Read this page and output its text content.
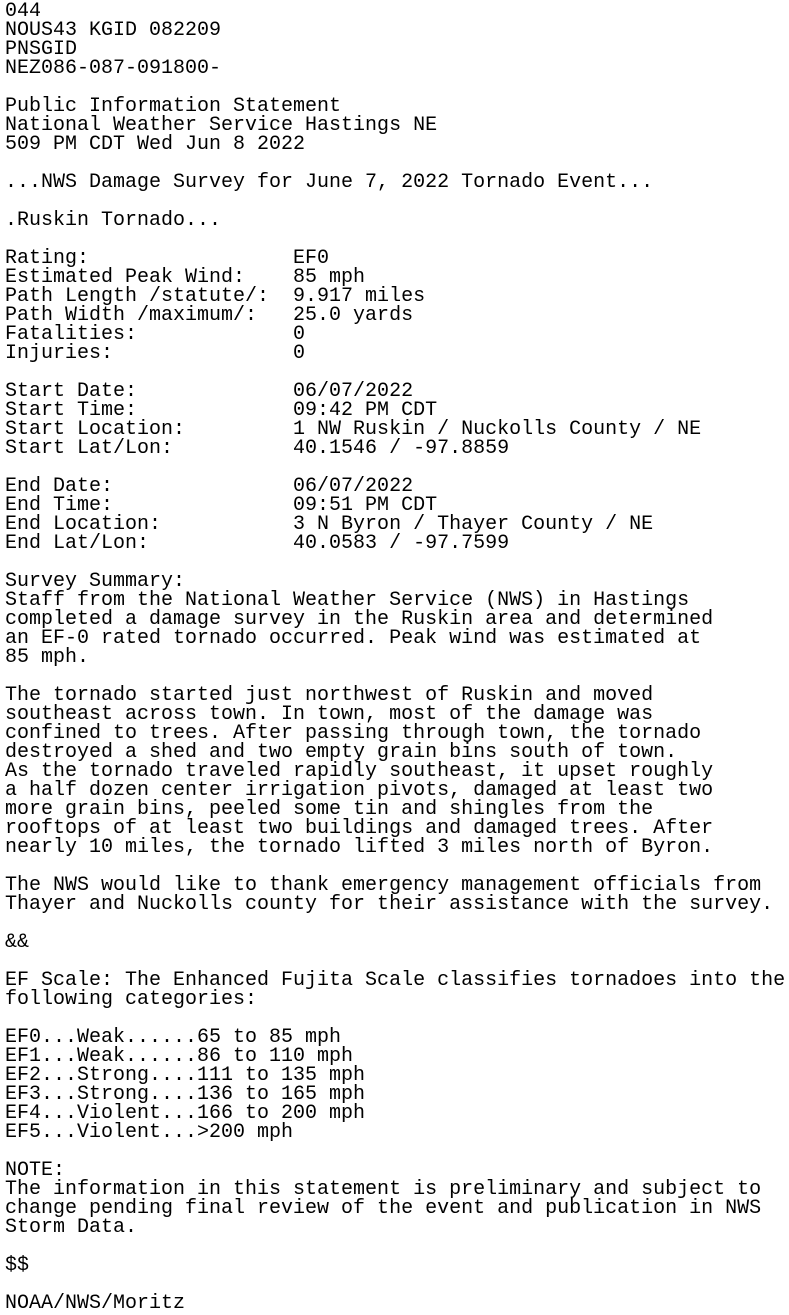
044
NOUS43 KGID 082209
PNSGID
NEZ086-087-091800-
Public Information Statement
National Weather Service Hastings NE
509 PM CDT Wed Jun 8 2022
...NWS Damage Survey for June 7, 2022 Tornado Event...
.Ruskin Tornado...
Rating:                 EF0
Estimated Peak Wind:    85 mph
Path Length /statute/:  9.917 miles
Path Width /maximum/:   25.0 yards
Fatalities:             0
Injuries:               0
Start Date:             06/07/2022
Start Time:             09:42 PM CDT
Start Location:         1 NW Ruskin / Nuckolls County / NE
Start Lat/Lon:          40.1546 / -97.8859
End Date:               06/07/2022
End Time:               09:51 PM CDT
End Location:           3 N Byron / Thayer County / NE
End Lat/Lon:            40.0583 / -97.7599
Survey Summary:
Staff from the National Weather Service (NWS) in Hastings
completed a damage survey in the Ruskin area and determined
an EF-0 rated tornado occurred. Peak wind was estimated at
85 mph.
The tornado started just northwest of Ruskin and moved
southeast across town. In town, most of the damage was
confined to trees. After passing through town, the tornado
destroyed a shed and two empty grain bins south of town.
As the tornado traveled rapidly southeast, it upset roughly
a half dozen center irrigation pivots, damaged at least two
more grain bins, peeled some tin and shingles from the
rooftops of at least two buildings and damaged trees. After
nearly 10 miles, the tornado lifted 3 miles north of Byron.
The NWS would like to thank emergency management officials from
Thayer and Nuckolls county for their assistance with the survey.
&&
EF Scale: The Enhanced Fujita Scale classifies tornadoes into the
following categories:
EF0...Weak......65 to 85 mph
EF1...Weak......86 to 110 mph
EF2...Strong....111 to 135 mph
EF3...Strong....136 to 165 mph
EF4...Violent...166 to 200 mph
EF5...Violent...>200 mph
NOTE:
The information in this statement is preliminary and subject to
change pending final review of the event and publication in NWS
Storm Data.
$$
NOAA/NWS/Moritz
